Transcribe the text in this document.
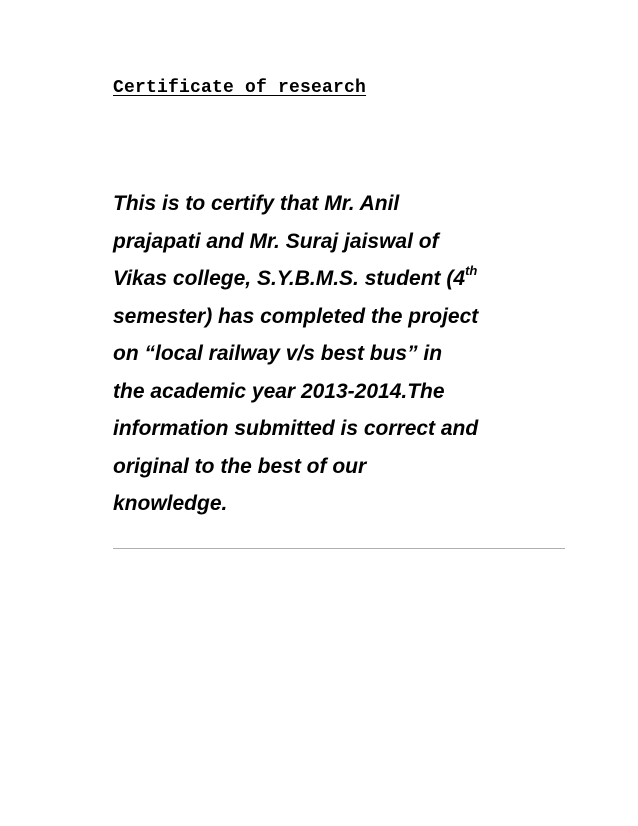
Certificate of research
This is to certify that Mr. Anil
prajapati and Mr. Suraj jaiswal of
Vikas college, S.Y.B.M.S. student (4th
semester) has completed the project
on “local railway v/s best bus” in
the academic year 2013-2014.The
information submitted is correct and
original to the best of our
knowledge.
